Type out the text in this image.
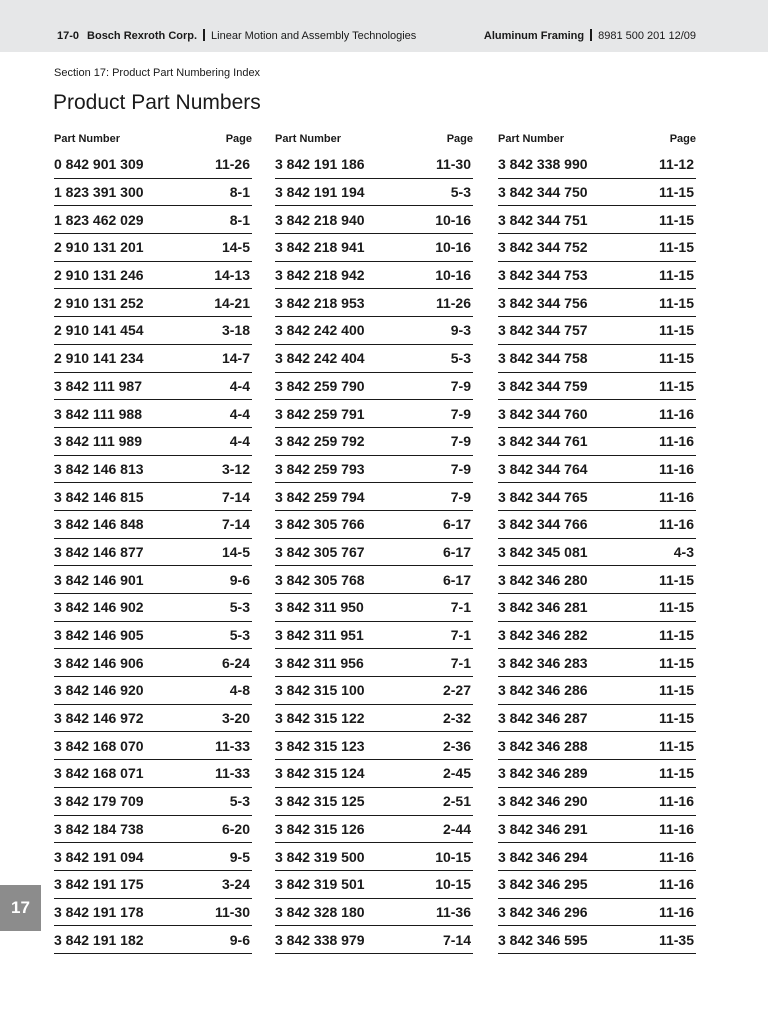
17-0 Bosch Rexroth Corp. Linear Motion and Assembly Technologies	Aluminum Framing 8981 500 201 12/09
Section 17: Product Part Numbering Index
Product Part Numbers
Part Number	Page
0 842 901 309	11-26
1 823 391 300	8-1
1 823 462 029	8-1
2 910 131 201	14-5
2 910 131 246	14-13
2 910 131 252	14-21
2 910 141 454	3-18
2 910 141 234	14-7
3 842 111 987	4-4
3 842 111 988	4-4
3 842 111 989	4-4
3 842 146 813	3-12
3 842 146 815	7-14
3 842 146 848	7-14
3 842 146 877	14-5
3 842 146 901	9-6
3 842 146 902	5-3
3 842 146 905	5-3
3 842 146 906	6-24
3 842 146 920	4-8
3 842 146 972	3-20
3 842 168 070	11-33
3 842 168 071	11-33
3 842 179 709	5-3
3 842 184 738	6-20
3 842 191 094	9-5
3 842 191 175	3-24
3 842 191 178	11-30
3 842 191 182	9-6
Part Number	Page
3 842 191 186	11-30
3 842 191 194	5-3
3 842 218 940	10-16
3 842 218 941	10-16
3 842 218 942	10-16
3 842 218 953	11-26
3 842 242 400	9-3
3 842 242 404	5-3
3 842 259 790	7-9
3 842 259 791	7-9
3 842 259 792	7-9
3 842 259 793	7-9
3 842 259 794	7-9
3 842 305 766	6-17
3 842 305 767	6-17
3 842 305 768	6-17
3 842 311 950	7-1
3 842 311 951	7-1
3 842 311 956	7-1
3 842 315 100	2-27
3 842 315 122	2-32
3 842 315 123	2-36
3 842 315 124	2-45
3 842 315 125	2-51
3 842 315 126	2-44
3 842 319 500	10-15
3 842 319 501	10-15
3 842 328 180	11-36
3 842 338 979	7-14
Part Number	Page
3 842 338 990	11-12
3 842 344 750	11-15
3 842 344 751	11-15
3 842 344 752	11-15
3 842 344 753	11-15
3 842 344 756	11-15
3 842 344 757	11-15
3 842 344 758	11-15
3 842 344 759	11-15
3 842 344 760	11-16
3 842 344 761	11-16
3 842 344 764	11-16
3 842 344 765	11-16
3 842 344 766	11-16
3 842 345 081	4-3
3 842 346 280	11-15
3 842 346 281	11-15
3 842 346 282	11-15
3 842 346 283	11-15
3 842 346 286	11-15
3 842 346 287	11-15
3 842 346 288	11-15
3 842 346 289	11-15
3 842 346 290	11-16
3 842 346 291	11-16
3 842 346 294	11-16
3 842 346 295	11-16
3 842 346 296	11-16
3 842 346 595	11-35
17
